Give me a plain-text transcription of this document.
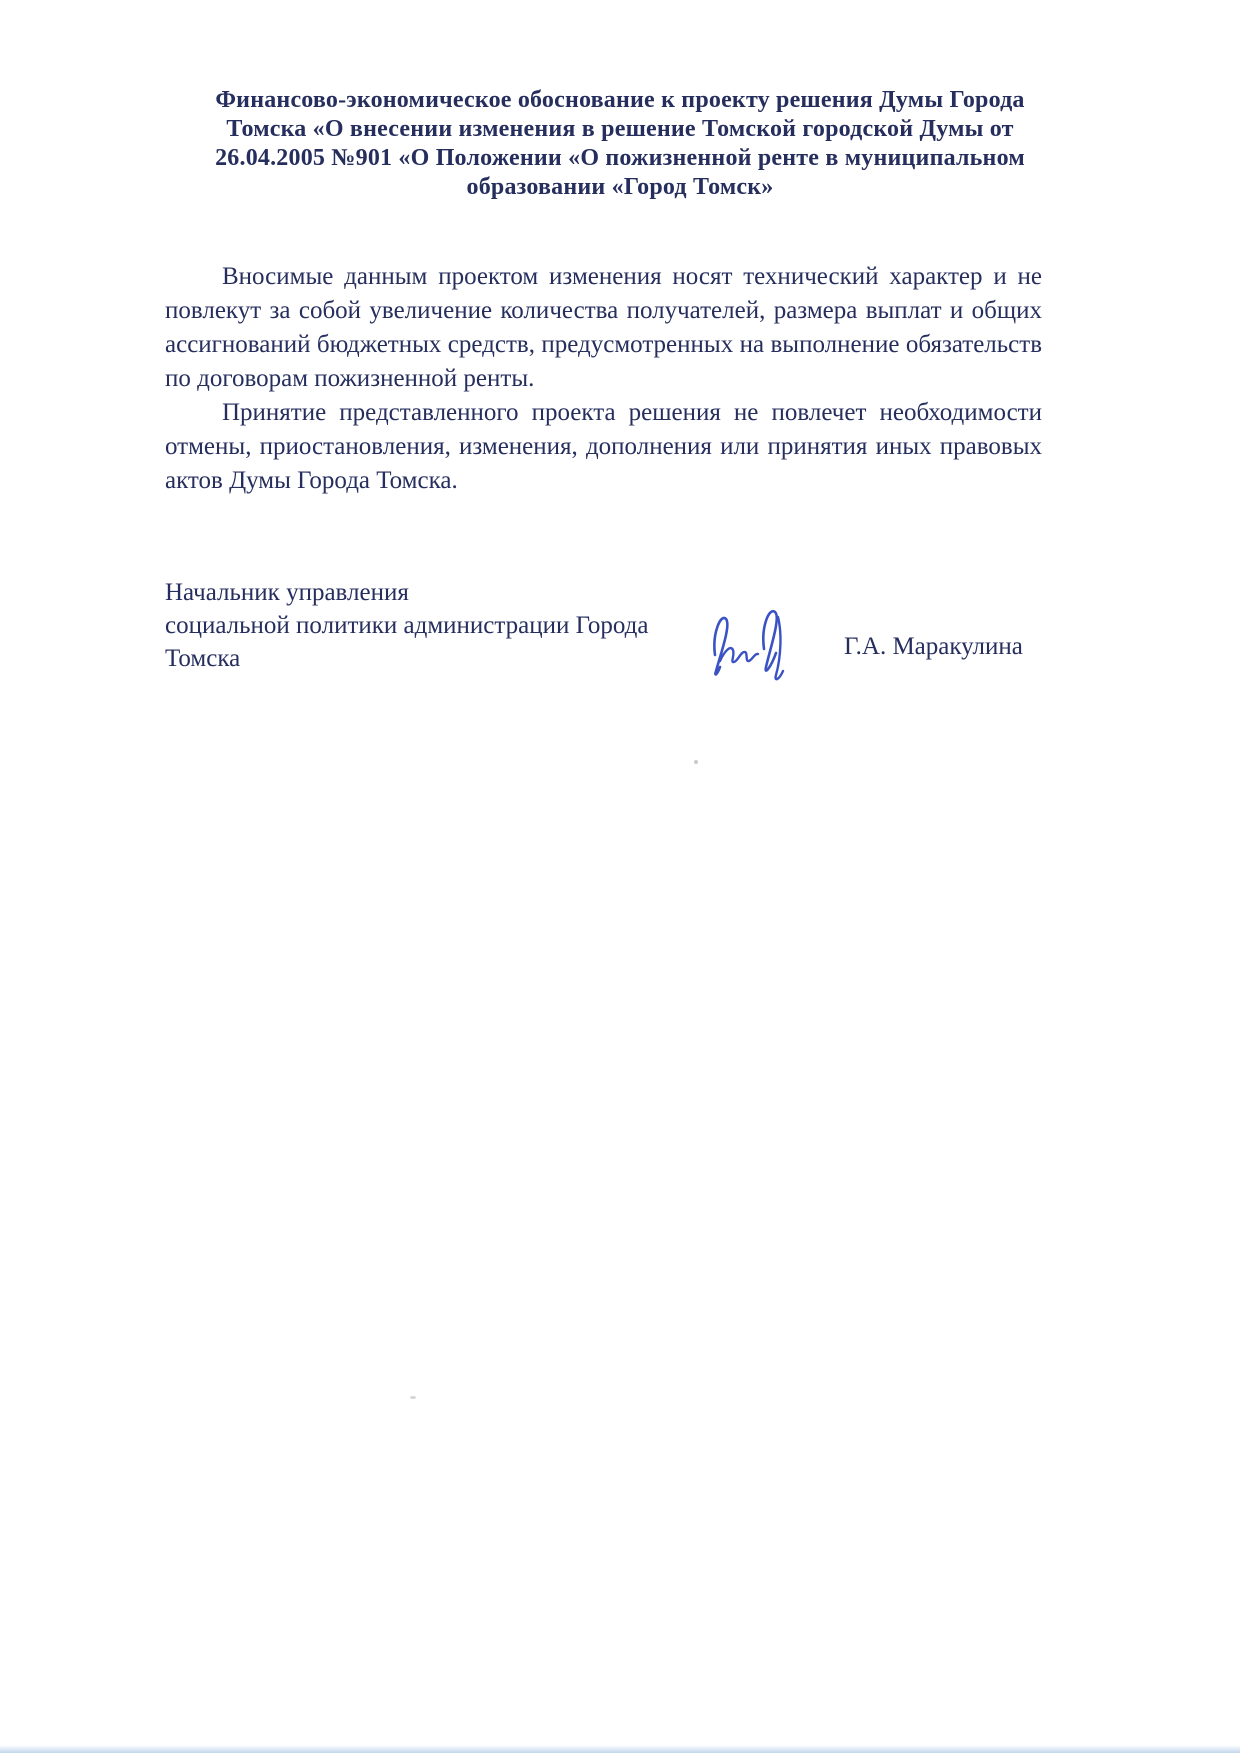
Финансово-экономическое обоснование к проекту решения Думы Города Томска «О внесении изменения в решение Томской городской Думы от 26.04.2005 №901 «О Положении «О пожизненной ренте в муниципальном образовании «Город Томск»

Вносимые данным проектом изменения носят технический характер и не повлекут за собой увеличение количества получателей, размера выплат и общих ассигнований бюджетных средств, предусмотренных на выполнение обязательств по договорам пожизненной ренты.

Принятие представленного проекта решения не повлечет необходимости отмены, приостановления, изменения, дополнения или принятия иных правовых актов Думы Города Томска.

Начальник управления
социальной политики администрации Города Томска	Г.А. Маракулина
